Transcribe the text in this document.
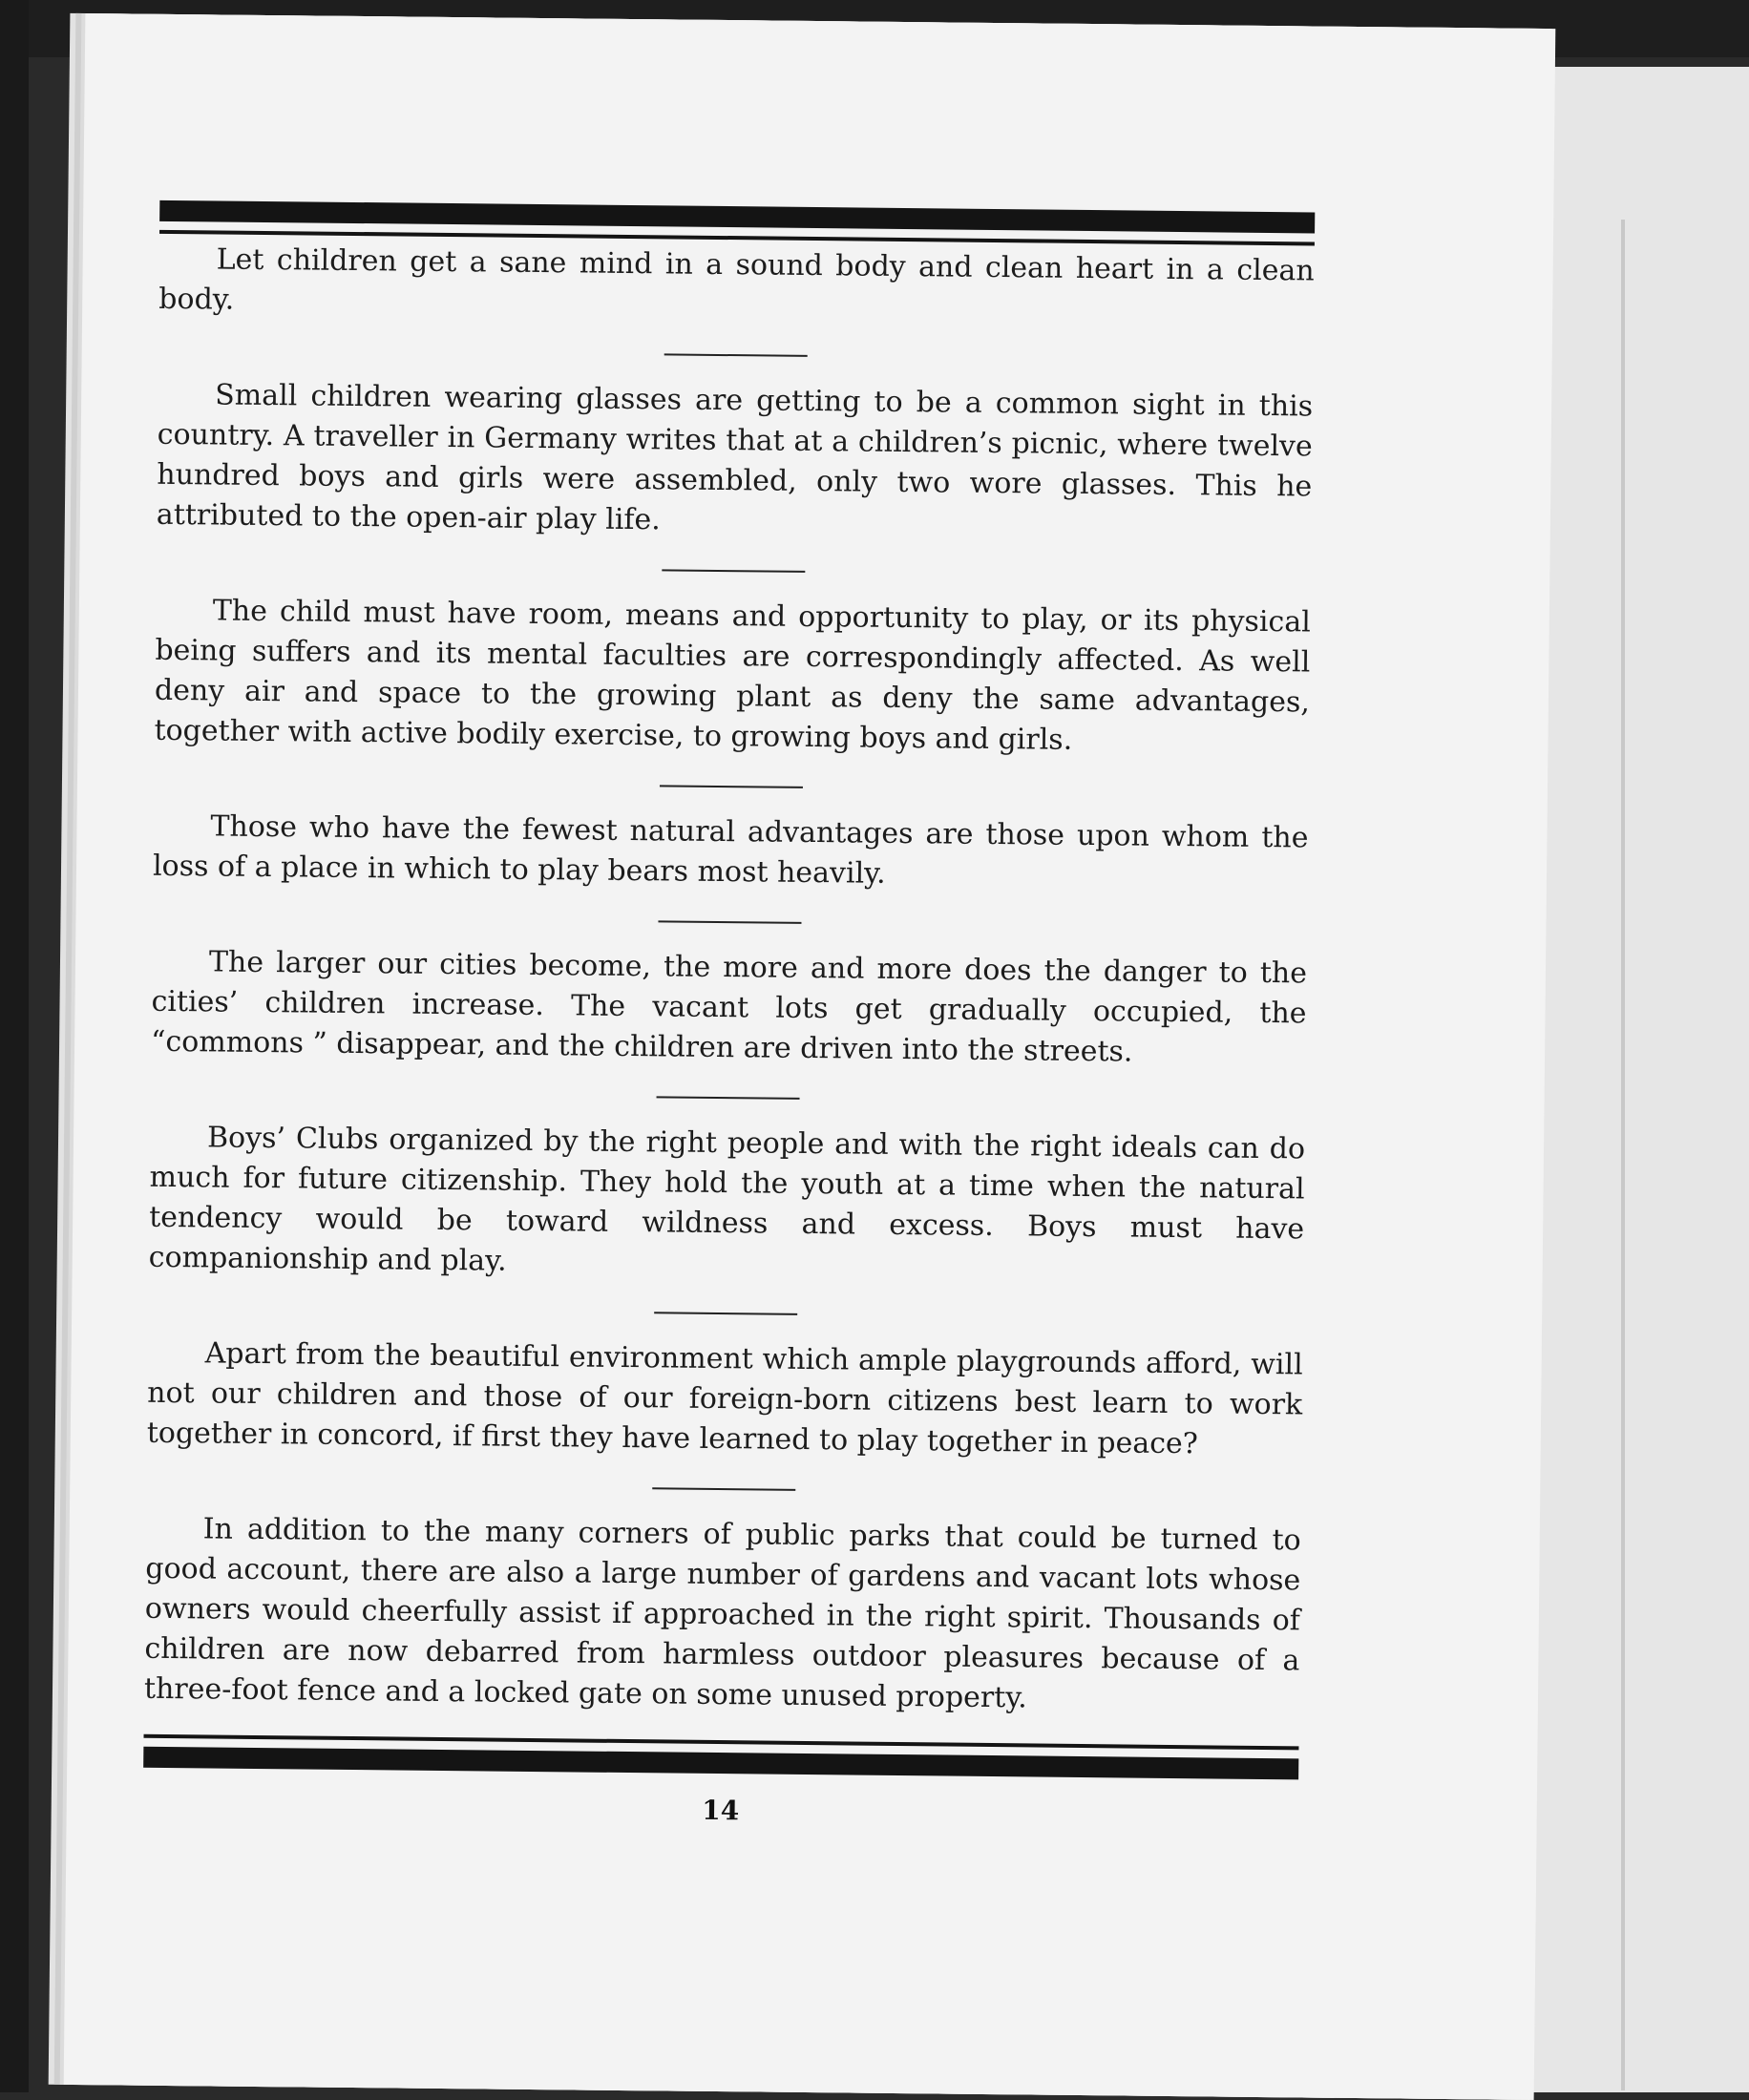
Let children get a sane mind in a sound body and clean heart in a clean body.

Small children wearing glasses are getting to be a common sight in this country. A traveller in Germany writes that at a children’s picnic, where twelve hundred boys and girls were assembled, only two wore glasses. This he attributed to the open-air play life.

The child must have room, means and opportunity to play, or its physical being suffers and its mental faculties are correspondingly affected. As well deny air and space to the growing plant as deny the same advantages, together with active bodily exercise, to growing boys and girls.

Those who have the fewest natural advantages are those upon whom the loss of a place in which to play bears most heavily.

The larger our cities become, the more and more does the danger to the cities’ children increase. The vacant lots get gradually occupied, the “commons ” disappear, and the children are driven into the streets.

Boys’ Clubs organized by the right people and with the right ideals can do much for future citizenship. They hold the youth at a time when the natural tendency would be toward wildness and excess. Boys must have companionship and play.

Apart from the beautiful environment which ample playgrounds afford, will not our children and those of our foreign-born citizens best learn to work together in concord, if first they have learned to play together in peace?

In addition to the many corners of public parks that could be turned to good account, there are also a large number of gardens and vacant lots whose owners would cheerfully assist if approached in the right spirit. Thousands of children are now debarred from harmless outdoor pleasures because of a three-foot fence and a locked gate on some unused property.

14
